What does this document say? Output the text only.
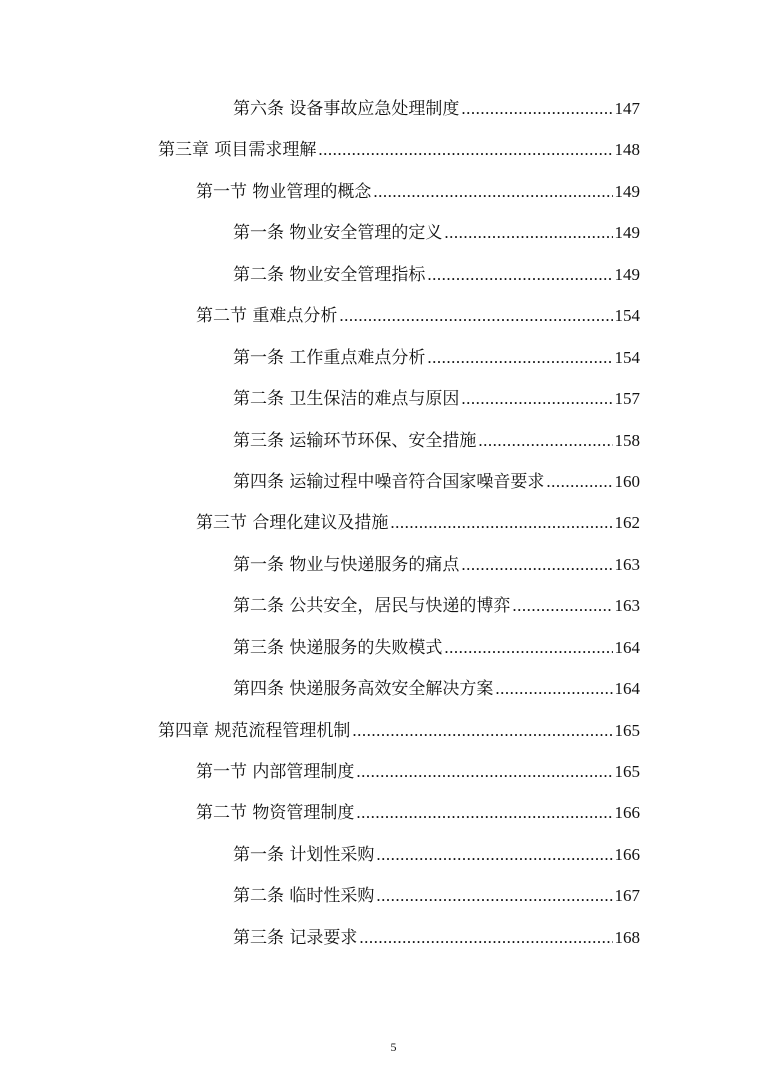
第六条 设备事故应急处理制度 .....	147
第三章 项目需求理解 .....	148
第一节 物业管理的概念 .....	149
第一条 物业安全管理的定义 .....	149
第二条 物业安全管理指标 .....	149
第二节 重难点分析 .....	154
第一条 工作重点难点分析 .....	154
第二条 卫生保洁的难点与原因 .....	157
第三条 运输环节环保、安全措施 .....	158
第四条 运输过程中噪音符合国家噪音要求 .....	160
第三节 合理化建议及措施 .....	162
第一条 物业与快递服务的痛点 .....	163
第二条 公共安全，居民与快递的博弈 .....	163
第三条 快递服务的失败模式 .....	164
第四条 快递服务高效安全解决方案 .....	164
第四章 规范流程管理机制 .....	165
第一节 内部管理制度 .....	165
第二节 物资管理制度 .....	166
第一条 计划性采购 .....	166
第二条 临时性采购 .....	167
第三条 记录要求 .....	168
5
